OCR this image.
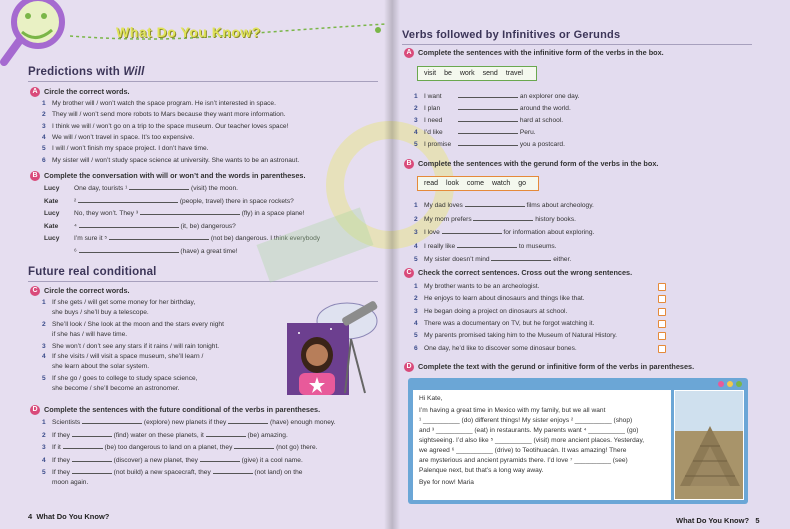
What Do You Know?
Predictions with Will
A Circle the correct words.
1 My brother will / won’t watch the space program. He isn’t interested in space.
2 They will / won’t send more robots to Mars because they want more information.
3 I think we will / won’t go on a trip to the space museum. Our teacher loves space!
4 We will / won’t travel in space. It’s too expensive.
5 I will / won’t finish my space project. I don’t have time.
6 My sister will / won’t study space science at university. She wants to be an astronaut.
B Complete the conversation with will or won’t and the words in parentheses.
Lucy One day, tourists ¹	(visit) the moon.
Kate ²	(people, travel) there in space rockets?
Lucy No, they won’t. They ³	(fly) in a space plane!
Kate ⁴	(it, be) dangerous?
Lucy I’m sure it ⁵	(not be) dangerous. I think everybody
⁶	(have) a great time!
Future real conditional
C Circle the correct words.
1 If she gets / will get some money for her birthday,
she buys / she’ll buy a telescope.
2 She’ll look / She look at the moon and the stars every night
if she has / will have time.
3 She won’t / don’t see any stars if it rains / will rain tonight.
4 If she visits / will visit a space museum, she’ll learn /
she learn about the solar system.
5 If she go / goes to college to study space science,
she become / she’ll become an astronomer.
D Complete the sentences with the future conditional of the verbs in parentheses.
1 Scientists	(explore) new planets if they	(have) enough money.
2 If they	(find) water on these planets, it	(be) amazing.
3 If it	(be) too dangerous to land on a planet, they	(not go) there.
4 If they	(discover) a new planet, they	(give) it a cool name.
5 If they	(not build) a new spacecraft, they	(not land) on the
moon again.
4 What Do You Know?
Verbs followed by Infinitives or Gerunds
A Complete the sentences with the infinitive form of the verbs in the box.
visit be work send travel
1 I want	an explorer one day.
2 I plan	around the world.
3 I need	hard at school.
4 I’d like	Peru.
5 I promise	you a postcard.
B Complete the sentences with the gerund form of the verbs in the box.
read look come watch go
1 My dad loves	films about archeology.
2 My mom prefers	history books.
3 I love	for information about exploring.
4 I really like	to museums.
5 My sister doesn’t mind	either.
C Check the correct sentences. Cross out the wrong sentences.
1 My brother wants to be an archeologist.
2 He enjoys to learn about dinosaurs and things like that.
3 He began doing a project on dinosaurs at school.
4 There was a documentary on TV, but he forgot watching it.
5 My parents promised taking him to the Museum of Natural History.
6 One day, he’d like to discover some dinosaur bones.
D Complete the text with the gerund or infinitive form of the verbs in parentheses.

Hi Kate,

I’m having a great time in Mexico with my family, but we all want

¹ __________ (do) different things! My sister enjoys ² __________ (shop)

and ³ __________ (eat) in restaurants. My parents want ⁴ __________ (go)

sightseeing. I’d also like ⁵ __________ (visit) more ancient places. Yesterday,

we agreed ⁶ __________ (drive) to Teotihuacán. It was amazing! There

are mysterious and ancient pyramids there. I’d love ⁷ __________ (see)

Palenque next, but that’s a long way away.

Bye for now! Maria

What Do You Know? 5
